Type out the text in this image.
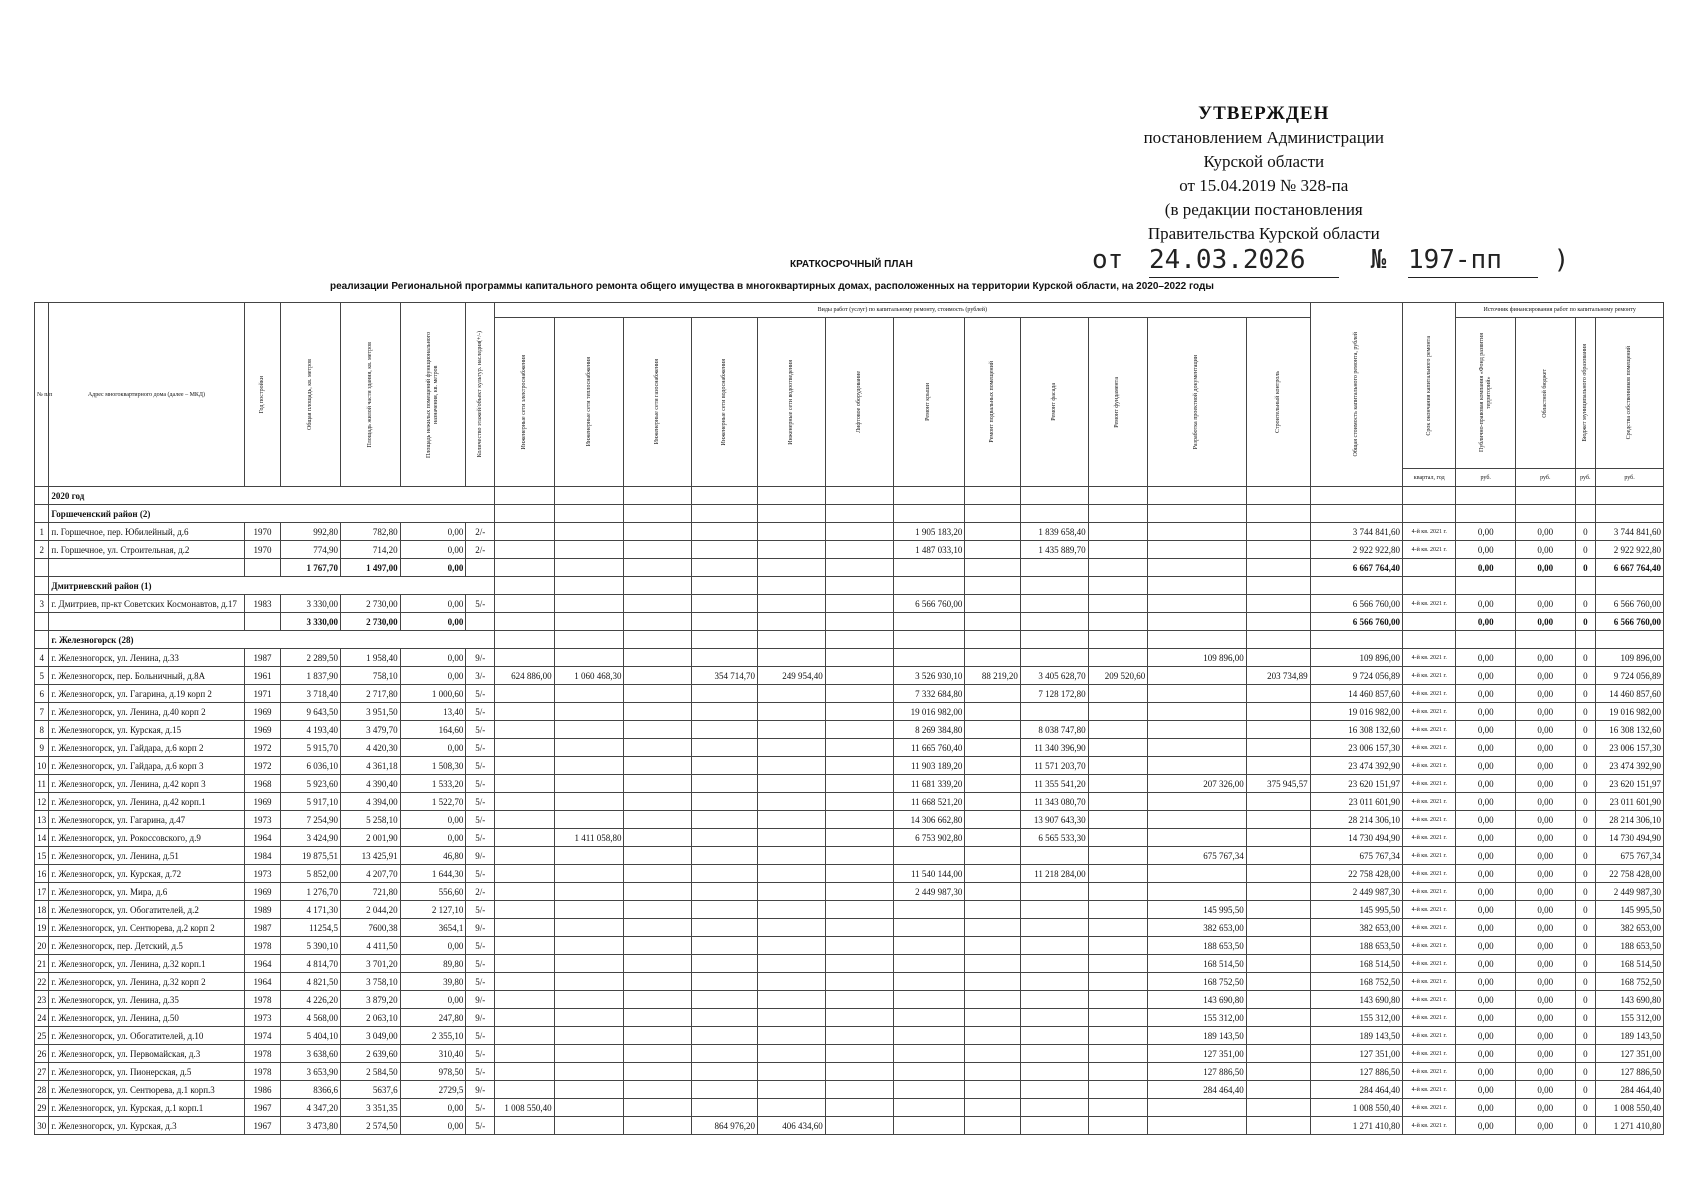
УТВЕРЖДЕН
постановлением Администрации
Курской области
от 15.04.2019 № 328-па
(в редакции постановления
Правительства Курской области
от 24.03.2026	№ 197-пп )
КРАТКОСРОЧНЫЙ ПЛАН
реализации Региональной программы капитального ремонта общего имущества в многоквартирных домах, расположенных на территории Курской области, на 2020–2022 годы
№ п/п	Адрес многоквартирного дома (далее – МКД)	Год постройки	Общая площадь, кв. метров	Площадь жилой части здания, кв. метров	Площадь нежилых помещений функционального назначения, кв. метров	Количество этажей/объект культур. наследия(+/-)	Виды работ (услуг) по капитальному ремонту, стоимость (рублей)												Общая стоимость капитального ремонта, рублей	Срок окончания капитального ремонта	Источник финансирования работ по капитальному ремонту			

							Инженерные сети электроснабжения	Инженерные сети теплоснабжения	Инженерные сети газоснабжения	Инженерные сети водоснабжения	Инженерные сети водоотведения	Лифтовое оборудование	Ремонт крыши	Ремонт подвальных помещений	Ремонт фасада	Ремонт фундамента	Разработка проектной документации	Строительный контроль			Публично-правовая компания «Фонд развития территорий»	Областной бюджет	Бюджет муниципального образования	Средства собственников помещений

																				квартал, год	руб.	руб.	руб.	руб.
	2020 год																							
	Горшеченский район (2)																							
1	п. Горшечное, пер. Юбилейный, д.6	1970	992,80	782,80	0,00	2/-							1 905 183,20		1 839 658,40				3 744 841,60	4-й кв. 2021 г.	0,00	0,00	0	3 744 841,60
2	п. Горшечное, ул. Строительная, д.2	1970	774,90	714,20	0,00	2/-							1 487 033,10		1 435 889,70				2 922 922,80	4-й кв. 2021 г.	0,00	0,00	0	2 922 922,80
			1 767,70	1 497,00	0,00														6 667 764,40		0,00	0,00	0	6 667 764,40
	Дмитриевский район (1)																							
3	г. Дмитриев, пр-кт Советских Космонавтов, д.17	1983	3 330,00	2 730,00	0,00	5/-							6 566 760,00						6 566 760,00	4-й кв. 2021 г.	0,00	0,00	0	6 566 760,00
			3 330,00	2 730,00	0,00														6 566 760,00		0,00	0,00	0	6 566 760,00
	г. Железногорск (28)																							
4	г. Железногорск, ул. Ленина, д.33	1987	2 289,50	1 958,40	0,00	9/-											109 896,00		109 896,00	4-й кв. 2021 г.	0,00	0,00	0	109 896,00
5	г. Железногорск, пер. Больничный, д.8А	1961	1 837,90	758,10	0,00	3/-	624 886,00	1 060 468,30		354 714,70	249 954,40		3 526 930,10	88 219,20	3 405 628,70	209 520,60		203 734,89	9 724 056,89	4-й кв. 2021 г.	0,00	0,00	0	9 724 056,89
6	г. Железногорск, ул. Гагарина, д.19 корп 2	1971	3 718,40	2 717,80	1 000,60	5/-							7 332 684,80		7 128 172,80				14 460 857,60	4-й кв. 2021 г.	0,00	0,00	0	14 460 857,60
7	г. Железногорск, ул. Ленина, д.40 корп 2	1969	9 643,50	3 951,50	13,40	5/-							19 016 982,00						19 016 982,00	4-й кв. 2021 г.	0,00	0,00	0	19 016 982,00
8	г. Железногорск, ул. Курская, д.15	1969	4 193,40	3 479,70	164,60	5/-							8 269 384,80		8 038 747,80				16 308 132,60	4-й кв. 2021 г.	0,00	0,00	0	16 308 132,60
9	г. Железногорск, ул. Гайдара, д.6 корп 2	1972	5 915,70	4 420,30	0,00	5/-							11 665 760,40		11 340 396,90				23 006 157,30	4-й кв. 2021 г.	0,00	0,00	0	23 006 157,30
10	г. Железногорск, ул. Гайдара, д.6 корп 3	1972	6 036,10	4 361,18	1 508,30	5/-							11 903 189,20		11 571 203,70				23 474 392,90	4-й кв. 2021 г.	0,00	0,00	0	23 474 392,90
11	г. Железногорск, ул. Ленина, д.42 корп 3	1968	5 923,60	4 390,40	1 533,20	5/-							11 681 339,20		11 355 541,20		207 326,00	375 945,57	23 620 151,97	4-й кв. 2021 г.	0,00	0,00	0	23 620 151,97
12	г. Железногорск, ул. Ленина, д.42 корп.1	1969	5 917,10	4 394,00	1 522,70	5/-							11 668 521,20		11 343 080,70				23 011 601,90	4-й кв. 2021 г.	0,00	0,00	0	23 011 601,90
13	г. Железногорск, ул. Гагарина, д.47	1973	7 254,90	5 258,10	0,00	5/-							14 306 662,80		13 907 643,30				28 214 306,10	4-й кв. 2021 г.	0,00	0,00	0	28 214 306,10
14	г. Железногорск, ул. Рокоссовского, д.9	1964	3 424,90	2 001,90	0,00	5/-		1 411 058,80					6 753 902,80		6 565 533,30				14 730 494,90	4-й кв. 2021 г.	0,00	0,00	0	14 730 494,90
15	г. Железногорск, ул. Ленина, д.51	1984	19 875,51	13 425,91	46,80	9/-											675 767,34		675 767,34	4-й кв. 2021 г.	0,00	0,00	0	675 767,34
16	г. Железногорск, ул. Курская, д.72	1973	5 852,00	4 207,70	1 644,30	5/-							11 540 144,00		11 218 284,00				22 758 428,00	4-й кв. 2021 г.	0,00	0,00	0	22 758 428,00
17	г. Железногорск, ул. Мира, д.6	1969	1 276,70	721,80	556,60	2/-							2 449 987,30						2 449 987,30	4-й кв. 2021 г.	0,00	0,00	0	2 449 987,30
18	г. Железногорск, ул. Обогатителей, д.2	1989	4 171,30	2 044,20	2 127,10	5/-											145 995,50		145 995,50	4-й кв. 2021 г.	0,00	0,00	0	145 995,50
19	г. Железногорск, ул. Сентюрева, д.2 корп 2	1987	11254,5	7600,38	3654,1	9/-											382 653,00		382 653,00	4-й кв. 2021 г.	0,00	0,00	0	382 653,00
20	г. Железногорск, пер. Детский, д.5	1978	5 390,10	4 411,50	0,00	5/-											188 653,50		188 653,50	4-й кв. 2021 г.	0,00	0,00	0	188 653,50
21	г. Железногорск, ул. Ленина, д.32 корп.1	1964	4 814,70	3 701,20	89,80	5/-											168 514,50		168 514,50	4-й кв. 2021 г.	0,00	0,00	0	168 514,50
22	г. Железногорск, ул. Ленина, д.32 корп 2	1964	4 821,50	3 758,10	39,80	5/-											168 752,50		168 752,50	4-й кв. 2021 г.	0,00	0,00	0	168 752,50
23	г. Железногорск, ул. Ленина, д.35	1978	4 226,20	3 879,20	0,00	9/-											143 690,80		143 690,80	4-й кв. 2021 г.	0,00	0,00	0	143 690,80
24	г. Железногорск, ул. Ленина, д.50	1973	4 568,00	2 063,10	247,80	9/-											155 312,00		155 312,00	4-й кв. 2021 г.	0,00	0,00	0	155 312,00
25	г. Железногорск, ул. Обогатителей, д.10	1974	5 404,10	3 049,00	2 355,10	5/-											189 143,50		189 143,50	4-й кв. 2021 г.	0,00	0,00	0	189 143,50
26	г. Железногорск, ул. Первомайская, д.3	1978	3 638,60	2 639,60	310,40	5/-											127 351,00		127 351,00	4-й кв. 2021 г.	0,00	0,00	0	127 351,00
27	г. Железногорск, ул. Пионерская, д.5	1978	3 653,90	2 584,50	978,50	5/-											127 886,50		127 886,50	4-й кв. 2021 г.	0,00	0,00	0	127 886,50
28	г. Железногорск, ул. Сентюрева, д.1 корп.3	1986	8366,6	5637,6	2729,5	9/-											284 464,40		284 464,40	4-й кв. 2021 г.	0,00	0,00	0	284 464,40
29	г. Железногорск, ул. Курская, д.1 корп.1	1967	4 347,20	3 351,35	0,00	5/-	1 008 550,40												1 008 550,40	4-й кв. 2021 г.	0,00	0,00	0	1 008 550,40
30	г. Железногорск, ул. Курская, д.3	1967	3 473,80	2 574,50	0,00	5/-				864 976,20	406 434,60								1 271 410,80	4-й кв. 2021 г.	0,00	0,00	0	1 271 410,80
